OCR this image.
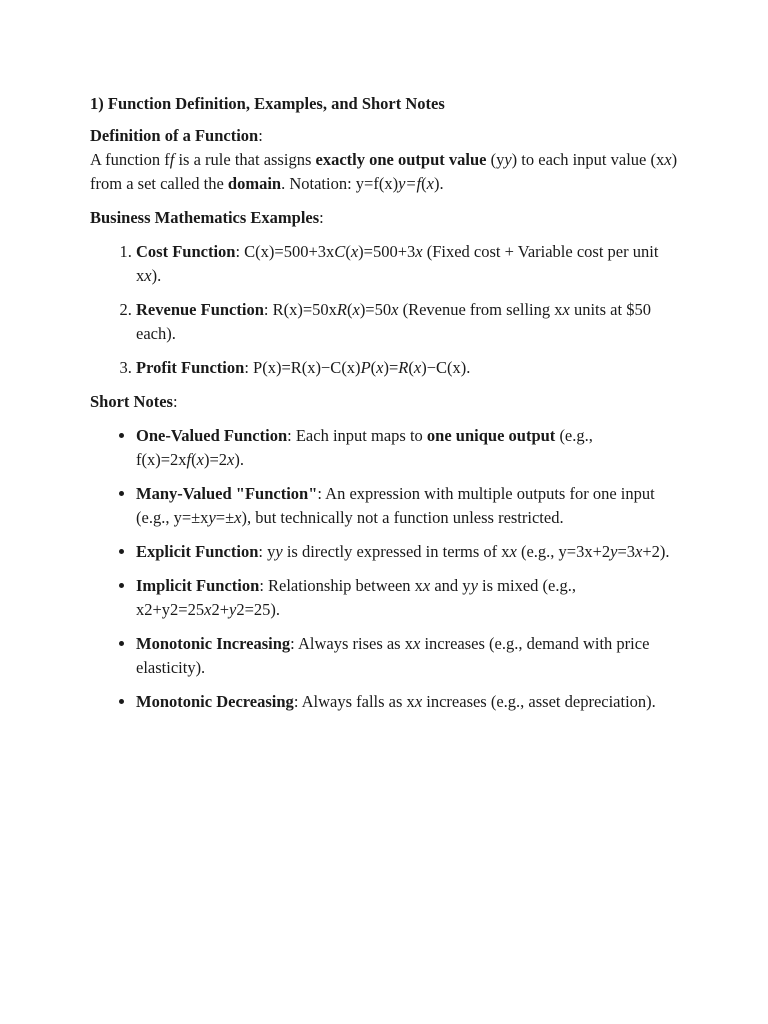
1) Function Definition, Examples, and Short Notes
Definition of a Function:
A function ff is a rule that assigns exactly one output value (yy) to each input value (xx) from a set called the domain. Notation: y=f(x)y=f(x).
Business Mathematics Examples:
1. Cost Function: C(x)=500+3xC(x)=500+3x (Fixed cost + Variable cost per unit xx).
2. Revenue Function: R(x)=50xR(x)=50x (Revenue from selling xx units at $50 each).
3. Profit Function: P(x)=R(x)−C(x)P(x)=R(x)−C(x).
Short Notes:
• One-Valued Function: Each input maps to one unique output (e.g., f(x)=2xf(x)=2x).
• Many-Valued "Function": An expression with multiple outputs for one input (e.g., y=±xy=±x), but technically not a function unless restricted.
• Explicit Function: yy is directly expressed in terms of xx (e.g., y=3x+2y=3x+2).
• Implicit Function: Relationship between xx and yy is mixed (e.g., x2+y2=25x2+y2=25).
• Monotonic Increasing: Always rises as xx increases (e.g., demand with price elasticity).
• Monotonic Decreasing: Always falls as xx increases (e.g., asset depreciation).
